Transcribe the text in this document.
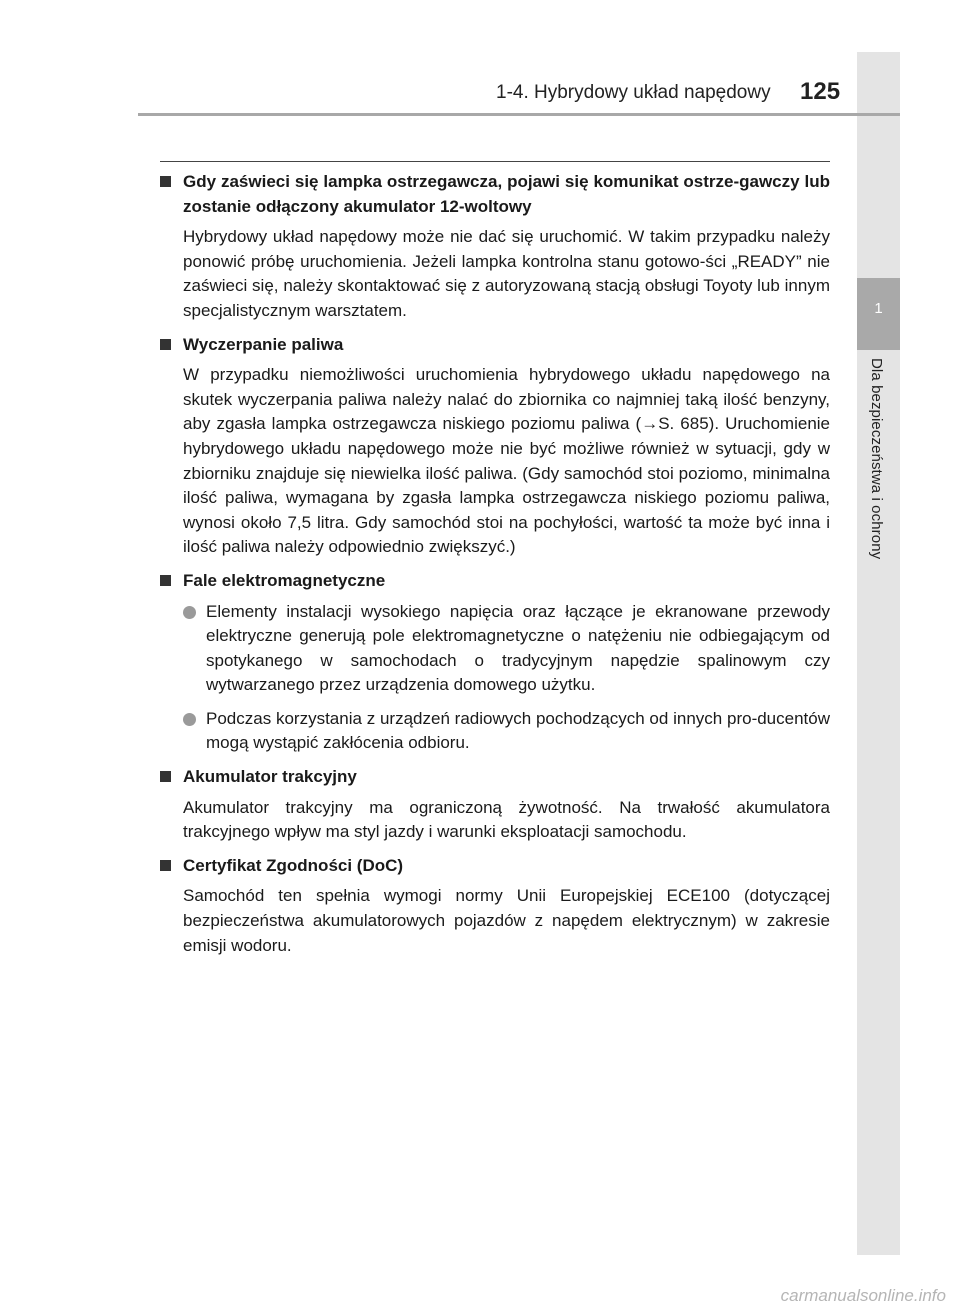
1
Dla bezpieczeństwa i ochrony
1-4. Hybrydowy układ napędowy 125
Gdy zaświeci się lampka ostrzegawcza, pojawi się komunikat ostrze-gawczy lub zostanie odłączony akumulator 12-woltowy
Hybrydowy układ napędowy może nie dać się uruchomić. W takim przypadku należy ponowić próbę uruchomienia. Jeżeli lampka kontrolna stanu gotowo-ści „READY” nie zaświeci się, należy skontaktować się z autoryzowaną stacją obsługi Toyoty lub innym specjalistycznym warsztatem.
Wyczerpanie paliwa
W przypadku niemożliwości uruchomienia hybrydowego układu napędowego na skutek wyczerpania paliwa należy nalać do zbiornika co najmniej taką ilość benzyny, aby zgasła lampka ostrzegawcza niskiego poziomu paliwa (→S. 685). Uruchomienie hybrydowego układu napędowego może nie być możliwe również w sytuacji, gdy w zbiorniku znajduje się niewielka ilość paliwa. (Gdy samochód stoi poziomo, minimalna ilość paliwa, wymagana by zgasła lampka ostrzegawcza niskiego poziomu paliwa, wynosi około 7,5 litra. Gdy samochód stoi na pochyłości, wartość ta może być inna i ilość paliwa należy odpowiednio zwiększyć.)
Fale elektromagnetyczne
Elementy instalacji wysokiego napięcia oraz łączące je ekranowane przewody elektryczne generują pole elektromagnetyczne o natężeniu nie odbiegającym od spotykanego w samochodach o tradycyjnym napędzie spalinowym czy wytwarzanego przez urządzenia domowego użytku.
Podczas korzystania z urządzeń radiowych pochodzących od innych pro-ducentów mogą wystąpić zakłócenia odbioru.
Akumulator trakcyjny
Akumulator trakcyjny ma ograniczoną żywotność. Na trwałość akumulatora trakcyjnego wpływ ma styl jazdy i warunki eksploatacji samochodu.
Certyfikat Zgodności (DoC)
Samochód ten spełnia wymogi normy Unii Europejskiej ECE100 (dotyczącej bezpieczeństwa akumulatorowych pojazdów z napędem elektrycznym) w zakresie emisji wodoru.
carmanualsonline.info
